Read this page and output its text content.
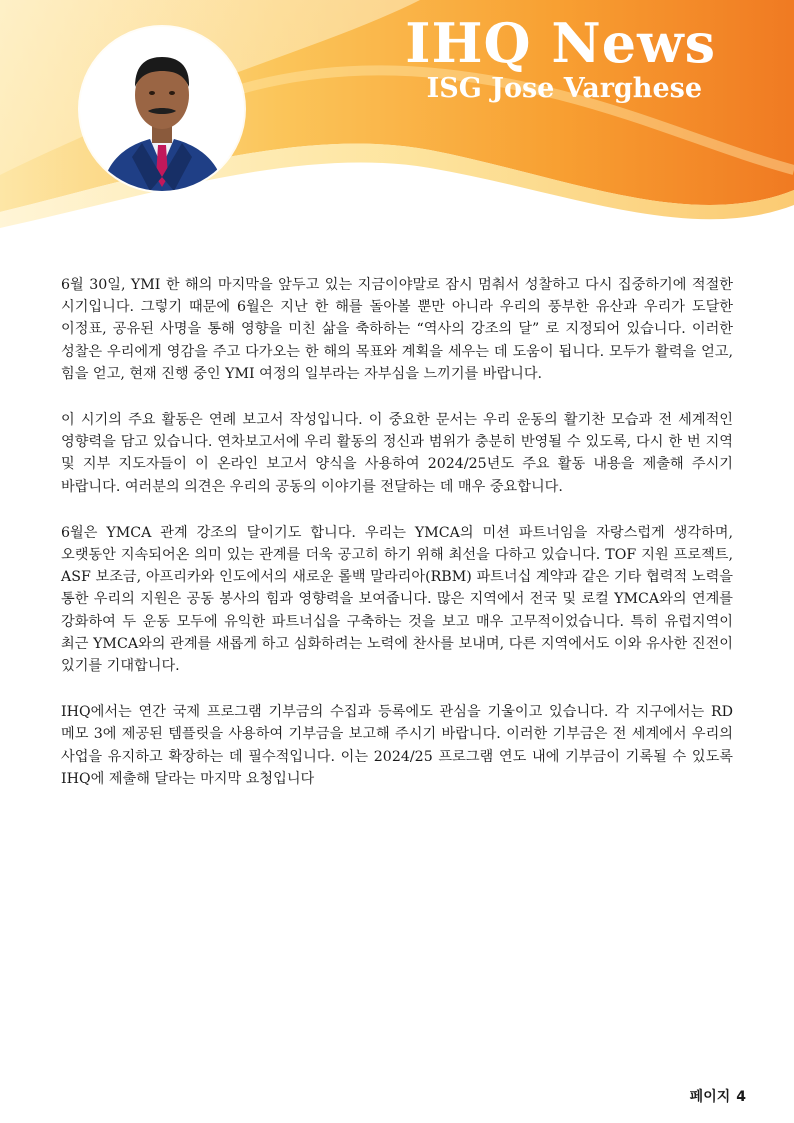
IHQ News
ISG Jose Varghese

6월 30일, YMI 한 해의 마지막을 앞두고 있는 지금이야말로 잠시 멈춰서 성찰하고 다시 집중하기에 적절한 시기입니다. 그렇기 때문에 6월은 지난 한 해를 돌아볼 뿐만 아니라 우리의 풍부한 유산과 우리가 도달한 이정표, 공유된 사명을 통해 영향을 미친 삶을 축하하는 “역사의 강조의 달” 로 지정되어 있습니다. 이러한 성찰은 우리에게 영감을 주고 다가오는 한 해의 목표와 계획을 세우는 데 도움이 됩니다. 모두가 활력을 얻고, 힘을 얻고, 현재 진행 중인 YMI 여정의 일부라는 자부심을 느끼기를 바랍니다.

이 시기의 주요 활동은 연례 보고서 작성입니다. 이 중요한 문서는 우리 운동의 활기찬 모습과 전 세계적인 영향력을 담고 있습니다. 연차보고서에 우리 활동의 정신과 범위가 충분히 반영될 수 있도록, 다시 한 번 지역 및 지부 지도자들이 이 온라인 보고서 양식을 사용하여 2024/25년도 주요 활동 내용을 제출해 주시기 바랍니다. 여러분의 의견은 우리의 공동의 이야기를 전달하는 데 매우 중요합니다.

6월은 YMCA 관계 강조의 달이기도 합니다. 우리는 YMCA의 미션 파트너임을 자랑스럽게 생각하며, 오랫동안 지속되어온 의미 있는 관계를 더욱 공고히 하기 위해 최선을 다하고 있습니다. TOF 지원 프로젝트, ASF 보조금, 아프리카와 인도에서의 새로운 롤백 말라리아(RBM) 파트너십 계약과 같은 기타 협력적 노력을 통한 우리의 지원은 공동 봉사의 힘과 영향력을 보여줍니다. 많은 지역에서 전국 및 로컬 YMCA와의 연계를 강화하여 두 운동 모두에 유익한 파트너십을 구축하는 것을 보고 매우 고무적이었습니다. 특히 유럽지역이 최근 YMCA와의 관계를 새롭게 하고 심화하려는 노력에 찬사를 보내며, 다른 지역에서도 이와 유사한 진전이 있기를 기대합니다.

IHQ에서는 연간 국제 프로그램 기부금의 수집과 등록에도 관심을 기울이고 있습니다. 각 지구에서는 RD 메모 3에 제공된 템플릿을 사용하여 기부금을 보고해 주시기 바랍니다. 이러한 기부금은 전 세계에서 우리의 사업을 유지하고 확장하는 데 필수적입니다. 이는 2024/25 프로그램 연도 내에 기부금이 기록될 수 있도록 IHQ에 제출해 달라는 마지막 요청입니다

페이지 4
